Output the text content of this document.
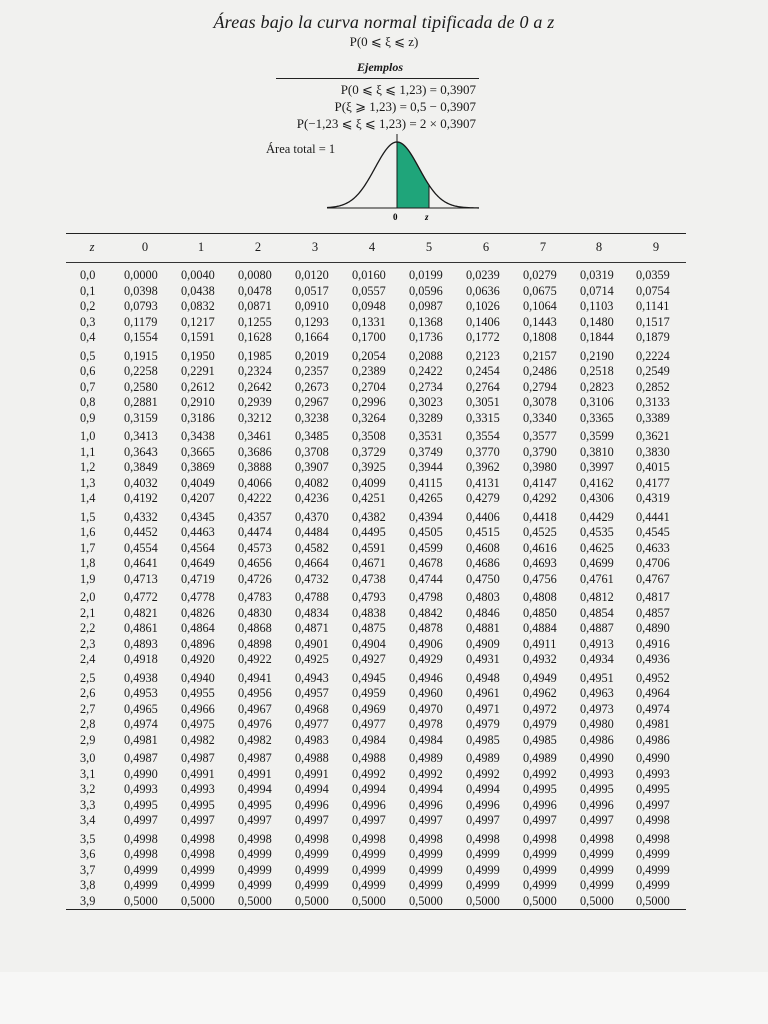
Áreas bajo la curva normal tipificada de 0 a z
P(0 ⩽ ξ ⩽ z)
Ejemplos
P(0 ⩽ ξ ⩽ 1,23) = 0,3907
P(ξ ⩾ 1,23) = 0,5 − 0,3907
P(−1,23 ⩽ ξ ⩽ 1,23) = 2 × 0,3907
Área total = 1
0	z
z	0	1	2	3	4	5	6	7	8	9
0,0	0,0000	0,0040	0,0080	0,0120	0,0160	0,0199	0,0239	0,0279	0,0319	0,0359
0,1	0,0398	0,0438	0,0478	0,0517	0,0557	0,0596	0,0636	0,0675	0,0714	0,0754
0,2	0,0793	0,0832	0,0871	0,0910	0,0948	0,0987	0,1026	0,1064	0,1103	0,1141
0,3	0,1179	0,1217	0,1255	0,1293	0,1331	0,1368	0,1406	0,1443	0,1480	0,1517
0,4	0,1554	0,1591	0,1628	0,1664	0,1700	0,1736	0,1772	0,1808	0,1844	0,1879
0,5	0,1915	0,1950	0,1985	0,2019	0,2054	0,2088	0,2123	0,2157	0,2190	0,2224
0,6	0,2258	0,2291	0,2324	0,2357	0,2389	0,2422	0,2454	0,2486	0,2518	0,2549
0,7	0,2580	0,2612	0,2642	0,2673	0,2704	0,2734	0,2764	0,2794	0,2823	0,2852
0,8	0,2881	0,2910	0,2939	0,2967	0,2996	0,3023	0,3051	0,3078	0,3106	0,3133
0,9	0,3159	0,3186	0,3212	0,3238	0,3264	0,3289	0,3315	0,3340	0,3365	0,3389
1,0	0,3413	0,3438	0,3461	0,3485	0,3508	0,3531	0,3554	0,3577	0,3599	0,3621
1,1	0,3643	0,3665	0,3686	0,3708	0,3729	0,3749	0,3770	0,3790	0,3810	0,3830
1,2	0,3849	0,3869	0,3888	0,3907	0,3925	0,3944	0,3962	0,3980	0,3997	0,4015
1,3	0,4032	0,4049	0,4066	0,4082	0,4099	0,4115	0,4131	0,4147	0,4162	0,4177
1,4	0,4192	0,4207	0,4222	0,4236	0,4251	0,4265	0,4279	0,4292	0,4306	0,4319
1,5	0,4332	0,4345	0,4357	0,4370	0,4382	0,4394	0,4406	0,4418	0,4429	0,4441
1,6	0,4452	0,4463	0,4474	0,4484	0,4495	0,4505	0,4515	0,4525	0,4535	0,4545
1,7	0,4554	0,4564	0,4573	0,4582	0,4591	0,4599	0,4608	0,4616	0,4625	0,4633
1,8	0,4641	0,4649	0,4656	0,4664	0,4671	0,4678	0,4686	0,4693	0,4699	0,4706
1,9	0,4713	0,4719	0,4726	0,4732	0,4738	0,4744	0,4750	0,4756	0,4761	0,4767
2,0	0,4772	0,4778	0,4783	0,4788	0,4793	0,4798	0,4803	0,4808	0,4812	0,4817
2,1	0,4821	0,4826	0,4830	0,4834	0,4838	0,4842	0,4846	0,4850	0,4854	0,4857
2,2	0,4861	0,4864	0,4868	0,4871	0,4875	0,4878	0,4881	0,4884	0,4887	0,4890
2,3	0,4893	0,4896	0,4898	0,4901	0,4904	0,4906	0,4909	0,4911	0,4913	0,4916
2,4	0,4918	0,4920	0,4922	0,4925	0,4927	0,4929	0,4931	0,4932	0,4934	0,4936
2,5	0,4938	0,4940	0,4941	0,4943	0,4945	0,4946	0,4948	0,4949	0,4951	0,4952
2,6	0,4953	0,4955	0,4956	0,4957	0,4959	0,4960	0,4961	0,4962	0,4963	0,4964
2,7	0,4965	0,4966	0,4967	0,4968	0,4969	0,4970	0,4971	0,4972	0,4973	0,4974
2,8	0,4974	0,4975	0,4976	0,4977	0,4977	0,4978	0,4979	0,4979	0,4980	0,4981
2,9	0,4981	0,4982	0,4982	0,4983	0,4984	0,4984	0,4985	0,4985	0,4986	0,4986
3,0	0,4987	0,4987	0,4987	0,4988	0,4988	0,4989	0,4989	0,4989	0,4990	0,4990
3,1	0,4990	0,4991	0,4991	0,4991	0,4992	0,4992	0,4992	0,4992	0,4993	0,4993
3,2	0,4993	0,4993	0,4994	0,4994	0,4994	0,4994	0,4994	0,4995	0,4995	0,4995
3,3	0,4995	0,4995	0,4995	0,4996	0,4996	0,4996	0,4996	0,4996	0,4996	0,4997
3,4	0,4997	0,4997	0,4997	0,4997	0,4997	0,4997	0,4997	0,4997	0,4997	0,4998
3,5	0,4998	0,4998	0,4998	0,4998	0,4998	0,4998	0,4998	0,4998	0,4998	0,4998
3,6	0,4998	0,4998	0,4999	0,4999	0,4999	0,4999	0,4999	0,4999	0,4999	0,4999
3,7	0,4999	0,4999	0,4999	0,4999	0,4999	0,4999	0,4999	0,4999	0,4999	0,4999
3,8	0,4999	0,4999	0,4999	0,4999	0,4999	0,4999	0,4999	0,4999	0,4999	0,4999
3,9	0,5000	0,5000	0,5000	0,5000	0,5000	0,5000	0,5000	0,5000	0,5000	0,5000
